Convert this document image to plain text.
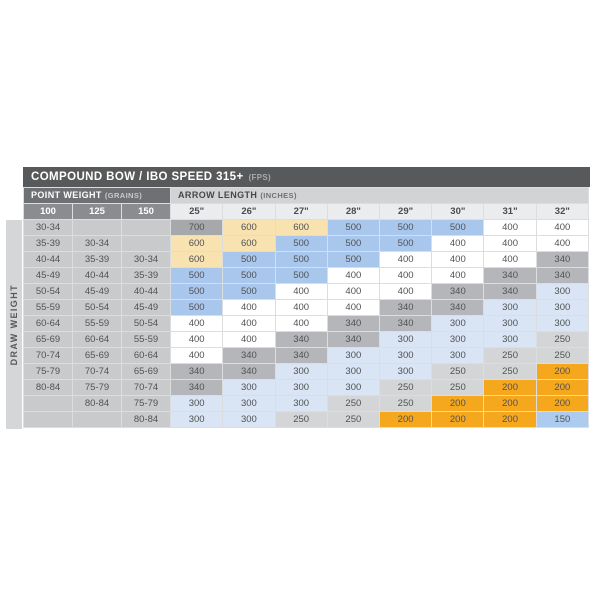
DRAW WEIGHT
COMPOUND BOW / IBO SPEED 315+ (FPS)
POINT WEIGHT (GRAINS)			ARROW LENGTH (INCHES)							
100	125	150	25"	26"	27"	28"	29"	30"	31"	32"
30-34			700	600	600	500	500	500	400	400
35-39	30-34		600	600	500	500	500	400	400	400
40-44	35-39	30-34	600	500	500	500	400	400	400	340
45-49	40-44	35-39	500	500	500	400	400	400	340	340
50-54	45-49	40-44	500	500	400	400	400	340	340	300
55-59	50-54	45-49	500	400	400	400	340	340	300	300
60-64	55-59	50-54	400	400	400	340	340	300	300	300
65-69	60-64	55-59	400	400	340	340	300	300	300	250
70-74	65-69	60-64	400	340	340	300	300	300	250	250
75-79	70-74	65-69	340	340	300	300	300	250	250	200
80-84	75-79	70-74	340	300	300	300	250	250	200	200
	80-84	75-79	300	300	300	250	250	200	200	200
		80-84	300	300	250	250	200	200	200	150
